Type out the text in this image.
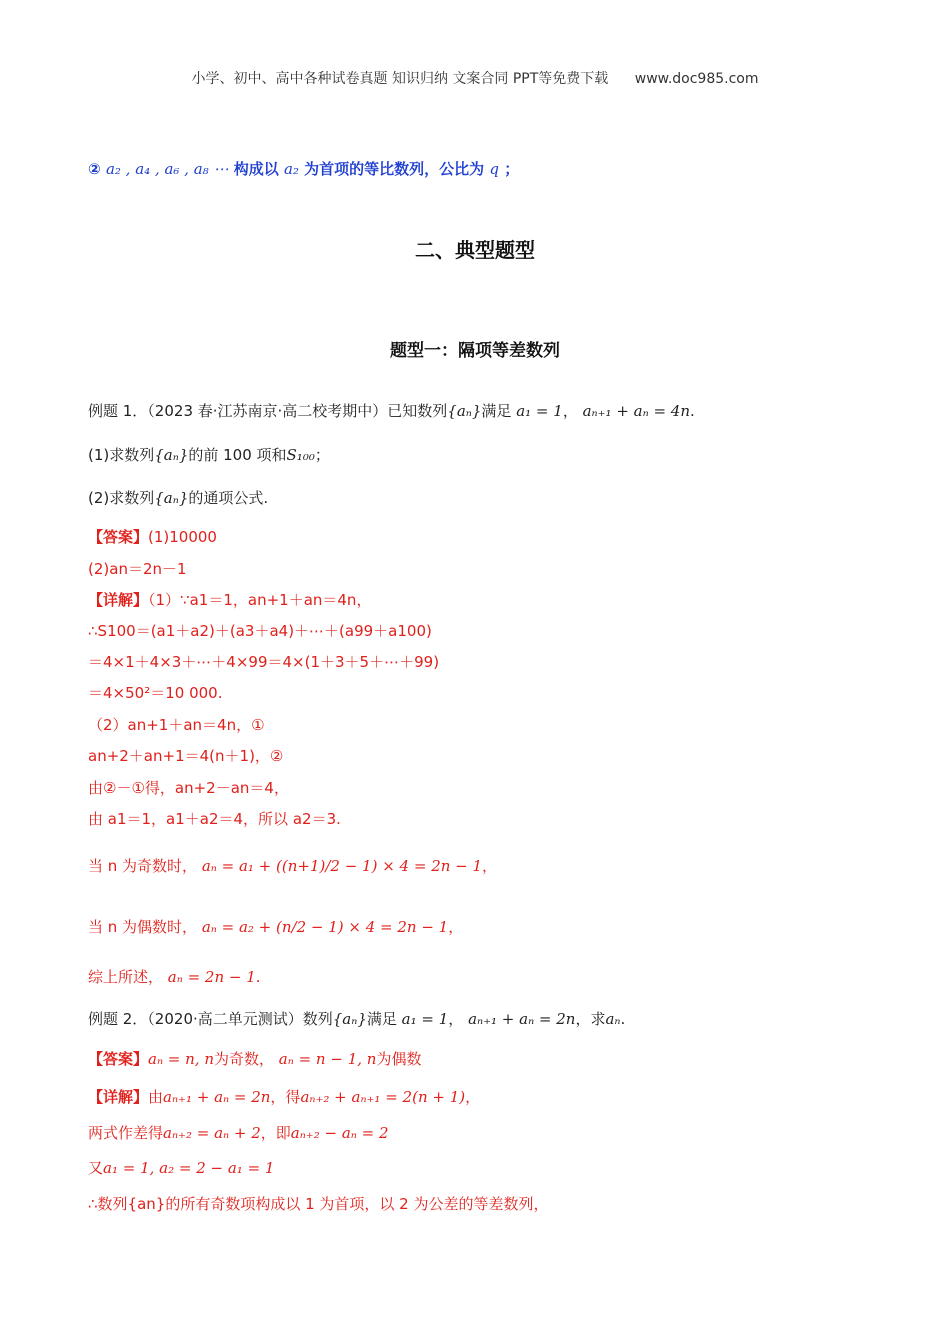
小学、初中、高中各种试卷真题 知识归纳 文案合同 PPT等免费下载 www.doc985.com
② a₂ , a₄ , a₆ , a₈ ⋯ 构成以 a₂ 为首项的等比数列，公比为 q ；
二、典型题型
题型一：隔项等差数列
例题 1．（2023 春·江苏南京·高二校考期中）已知数列{aₙ}满足 a₁ = 1， aₙ₊₁ + aₙ = 4n.
(1)求数列{aₙ}的前 100 项和S₁₀₀；
(2)求数列{aₙ}的通项公式.
【答案】(1)10000
(2)an＝2n－1
【详解】（1）∵a1＝1，an+1＋an＝4n，
∴S100＝(a1＋a2)＋(a3＋a4)＋⋯＋(a99＋a100)
＝4×1＋4×3＋⋯＋4×99＝4×(1＋3＋5＋⋯＋99)
＝4×50²＝10 000.
（2）an+1＋an＝4n，①
an+2＋an+1＝4(n＋1)，②
由②－①得，an+2－an＝4，
由 a1＝1，a1＋a2＝4，所以 a2＝3.
当 n 为奇数时， aₙ = a₁ + ((n+1)/2 − 1) × 4 = 2n − 1，
当 n 为偶数时， aₙ = a₂ + (n/2 − 1) × 4 = 2n − 1，
综上所述， aₙ = 2n − 1.
例题 2．（2020·高二单元测试）数列{aₙ}满足 a₁ = 1， aₙ₊₁ + aₙ = 2n，求aₙ.
【答案】aₙ = n, n为奇数， aₙ = n − 1, n为偶数
【详解】由aₙ₊₁ + aₙ = 2n，得aₙ₊₂ + aₙ₊₁ = 2(n + 1)，
两式作差得aₙ₊₂ = aₙ + 2，即aₙ₊₂ − aₙ = 2
又a₁ = 1, a₂ = 2 − a₁ = 1
∴数列{an}的所有奇数项构成以 1 为首项，以 2 为公差的等差数列，
